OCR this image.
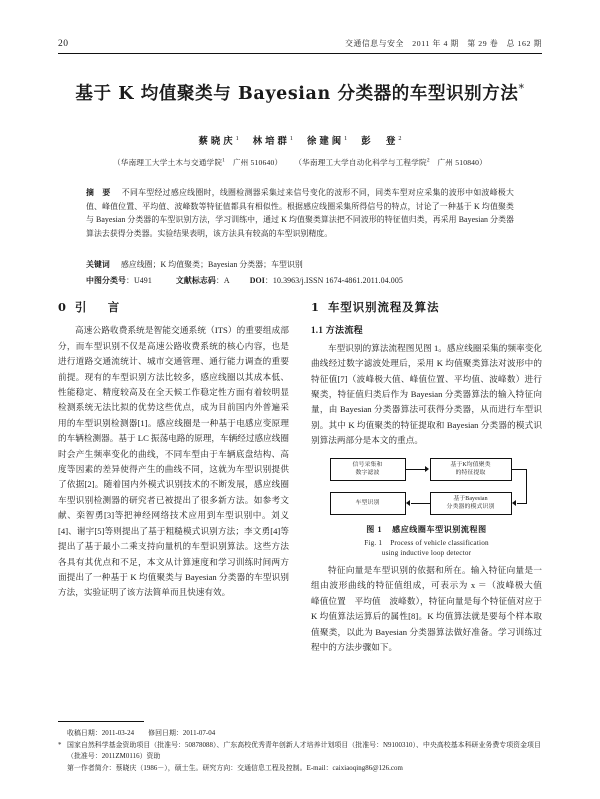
20	交通信息与安全　2011 年 4 期　第 29 卷　总 162 期
基于 K 均值聚类与 Bayesian 分类器的车型识别方法*
蔡晓庆$^1$ 林培群$^1$ 徐建闽$^1$ 彭　登$^2$
（华南理工大学土木与交通学院$^1$　广州 510640） （华南理工大学自动化科学与工程学院$^2$　广州 510840）

摘　要 不同车型经过感应线圈时，线圈检测器采集过来信号变化的波形不同，同类车型对应采集的波形中如波峰极大值、峰值位置、平均值、波峰数等特征值都具有相似性。根据感应线圈采集所得信号的特点，讨论了一种基于 K 均值聚类与 Bayesian 分类器的车型识别方法，学习训练中，通过 K 均值聚类算法把不同波形的特征值归类，再采用 Bayesian 分类器算法去获得分类器。实验结果表明，该方法具有较高的车型识别精度。

关键词 感应线圈；K 均值聚类；Bayesian 分类器；车型识别
中图分类号：U491	文献标志码：A	DOI：10.3963/j.ISSN 1674-4861.2011.04.005
0 引　言

高速公路收费系统是智能交通系统（ITS）的重要组成部分，而车型识别不仅是高速公路收费系统的核心内容，也是进行道路交通流统计、城市交通管理、通行能力调查的重要前提。现有的车型识别方法比较多，感应线圈以其成本低、性能稳定、精度较高及在全天候工作稳定性方面有着较明显检测系统无法比拟的优势这些优点，成为目前国内外普遍采用的车型识别检测器[1]。感应线圈是一种基于电感应变原理的车辆检测器。基于 LC 振荡电路的原理，车辆经过感应线圈时会产生频率变化的曲线，不同车型由于车辆底盘结构、高度等因素的差异使得产生的曲线不同，这就为车型识别提供了依据[2]。随着国内外模式识别技术的不断发展，感应线圈车型识别检测器的研究者已被提出了很多新方法。如参考文献、栾智勇[3]等把神经网络技术应用到车型识别中。刘义[4]、谢宇[5]等则提出了基于粗糙模式识别方法；李文勇[4]等提出了基于最小二乘支持向量机的车型识别算法。这些方法各具有其优点和不足，本文从计算速度和学习训练时间两方面提出了一种基于 K 均值聚类与 Bayesian 分类器的车型识别方法，实验证明了该方法简单而且快速有效。

1 车型识别流程及算法
1.1 方法流程

车型识别的算法流程图见图 1。感应线圈采集的频率变化曲线经过数字滤波处理后，采用 K 均值聚类算法对波形中的特征值[7]（波峰极大值、峰值位置、平均值、波峰数）进行聚类，特征值归类后作为 Bayesian 分类器算法的输入特征向量，由 Bayesian 分类器算法可获得分类器，从而进行车型识别。其中 K 均值聚类的特征提取和 Bayesian 分类器的模式识别算法两部分是本文的重点。

信号采集和
数字滤波
基于K均值聚类
的特征提取
基于Bayesian
分类器的模式识别
车型识别
图 1 感应线圈车型识别流程图
Fig. 1 Process of vehicle classification
using inductive loop detector

特征向量是车型识别的依据和所在。输入特征向量是一组由波形曲线的特征值组成，可表示为 x ＝（波峰极大值　峰值位置　平均值　波峰数），特征向量是每个特征值对应于 K 均值算法运算后的属性[8]。K 均值算法就是要每个样本取值聚类，以此为 Bayesian 分类器算法做好准备。学习训练过程中的方法步骤如下。

收稿日期：2011-03-24 修回日期：2011-07-04

* 国家自然科学基金资助项目（批准号：50878088）、广东高校优秀青年创新人才培养计划项目（批准号：N9100310）、中央高校基本科研业务费专项资金项目（批准号：2011ZM0116）资助

第一作者简介：蔡晓庆（1986－），硕士生。研究方向：交通信息工程及控制。E-mail：caixiaoqing86@126.com
